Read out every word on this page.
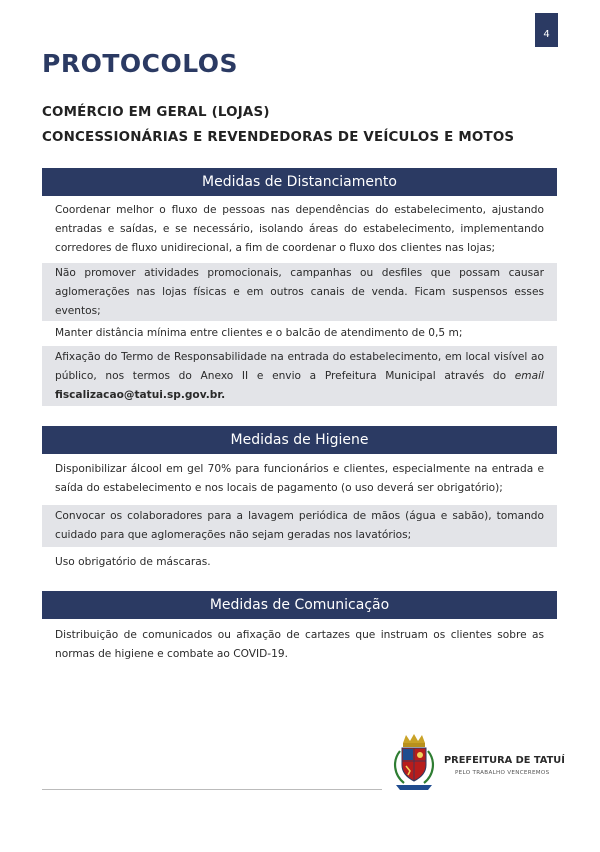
4
PROTOCOLOS
COMÉRCIO EM GERAL (LOJAS)
CONCESSIONÁRIAS E REVENDEDORAS DE VEÍCULOS E MOTOS
Medidas de Distanciamento
Coordenar melhor o fluxo de pessoas nas dependências do estabelecimento, ajustando entradas e saídas, e se necessário, isolando áreas do estabelecimento, implementando corredores de fluxo unidirecional, a fim de coordenar o fluxo dos clientes nas lojas;
Não promover atividades promocionais, campanhas ou desfiles que possam causar aglomerações nas lojas físicas e em outros canais de venda. Ficam suspensos esses eventos;
Manter distância mínima entre clientes e o balcão de atendimento de 0,5 m;
Afixação do Termo de Responsabilidade na entrada do estabelecimento, em local visível ao público, nos termos do Anexo II e envio a Prefeitura Municipal através do email fiscalizacao@tatui.sp.gov.br.
Medidas de Higiene
Disponibilizar álcool em gel 70% para funcionários e clientes, especialmente na entrada e saída do estabelecimento e nos locais de pagamento (o uso deverá ser obrigatório);
Convocar os colaboradores para a lavagem periódica de mãos (água e sabão), tomando cuidado para que aglomerações não sejam geradas nos lavatórios;
Uso obrigatório de máscaras.
Medidas de Comunicação
Distribuição de comunicados ou afixação de cartazes que instruam os clientes sobre as normas de higiene e combate ao COVID-19.
PREFEITURA DE TATUÍ
PELO TRABALHO VENCEREMOS
